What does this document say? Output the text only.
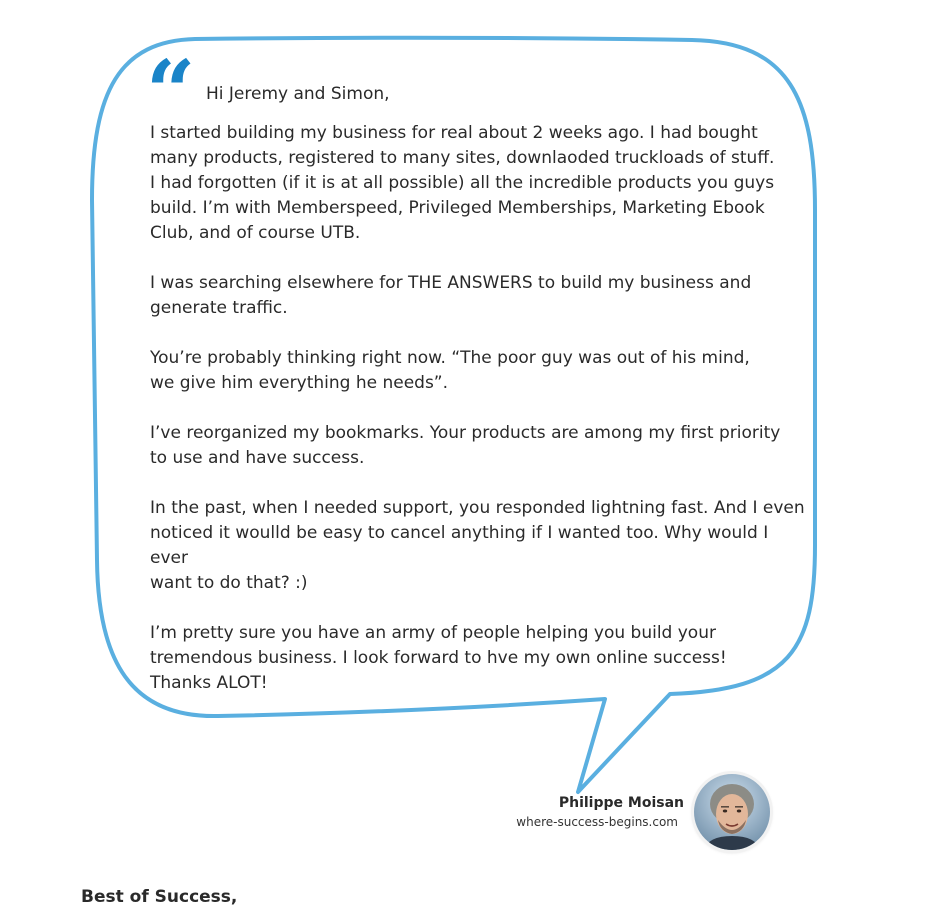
“ Hi Jeremy and Simon,

I started building my business for real about 2 weeks ago. I had bought
many products, registered to many sites, downlaoded truckloads of stuff.
I had forgotten (if it is at all possible) all the incredible products you guys
build. I’m with Memberspeed, Privileged Memberships, Marketing Ebook
Club, and of course UTB.

I was searching elsewhere for THE ANSWERS to build my business and
generate traffic.

You’re probably thinking right now. “The poor guy was out of his mind,
we give him everything he needs”.

I’ve reorganized my bookmarks. Your products are among my first priority
to use and have success.

In the past, when I needed support, you responded lightning fast. And I even
noticed it woulld be easy to cancel anything if I wanted too. Why would I ever
want to do that? :)

I’m pretty sure you have an army of people helping you build your
tremendous business. I look forward to hve my own online success!
Thanks ALOT!

Philippe Moisan
where-success-begins.com
Best of Success,
